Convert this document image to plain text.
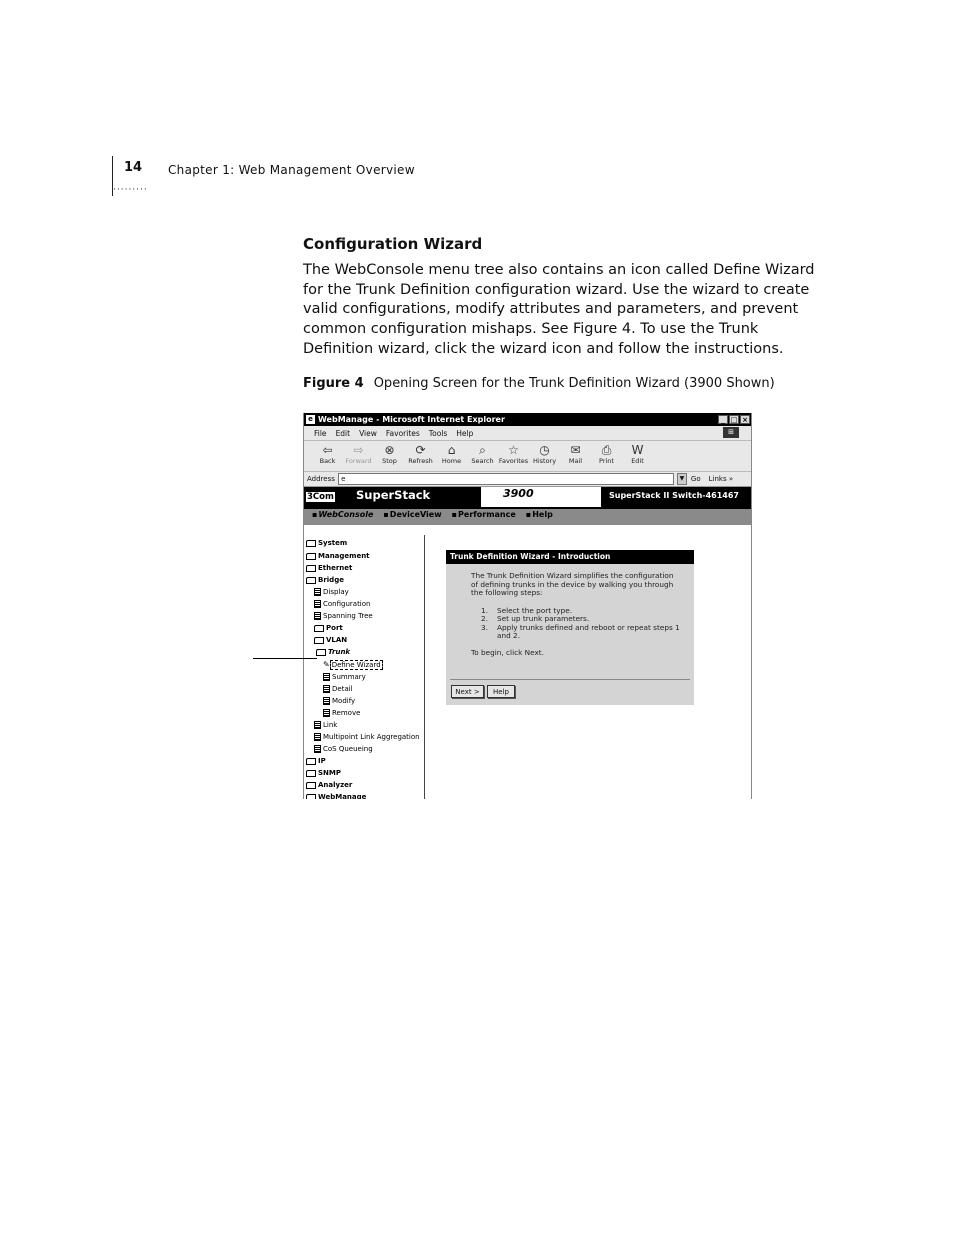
14
·········
Chapter 1: Web Management Overview
Configuration Wizard
The WebConsole menu tree also contains an icon called Define Wizard for the Trunk Definition configuration wizard. Use the wizard to create valid configurations, modify attributes and parameters, and prevent common configuration mishaps. See Figure 4. To use the Trunk Definition wizard, click the wizard icon and follow the instructions.
Figure 4 Opening Screen for the Trunk Definition Wizard (3900 Shown)
e WebManage - Microsoft Internet Explorer	_ □ ×
File Edit View Favorites Tools Help	⊞
⇦
Back
⇨
Forward
⊗
Stop
⟳
Refresh
⌂
Home
⌕
Search
☆
Favorites
◷
History
✉
Mail
⎙
Print
W
Edit
Address e	▼ Go Links »
3Com	SuperStack	3900	SuperStack II Switch-461467
▪WebConsole ▪DeviceView ▪Performance ▪Help
System
Management
Ethernet
Bridge
Display
Configuration
Spanning Tree
Port
VLAN
Trunk
✎ Define Wizard
Summary
Detail
Modify
Remove
Link
Multipoint Link Aggregation
CoS Queueing
IP
SNMP
Analyzer
WebManage
Trunk Definition Wizard - Introduction

The Trunk Definition Wizard simplifies the configuration of defining trunks in the device by walking you through the following steps:

1.	Select the port type.
2.	Set up trunk parameters.
3.	Apply trunks defined and reboot or repeat steps 1 and 2.

To begin, click Next.

Next >	Help
